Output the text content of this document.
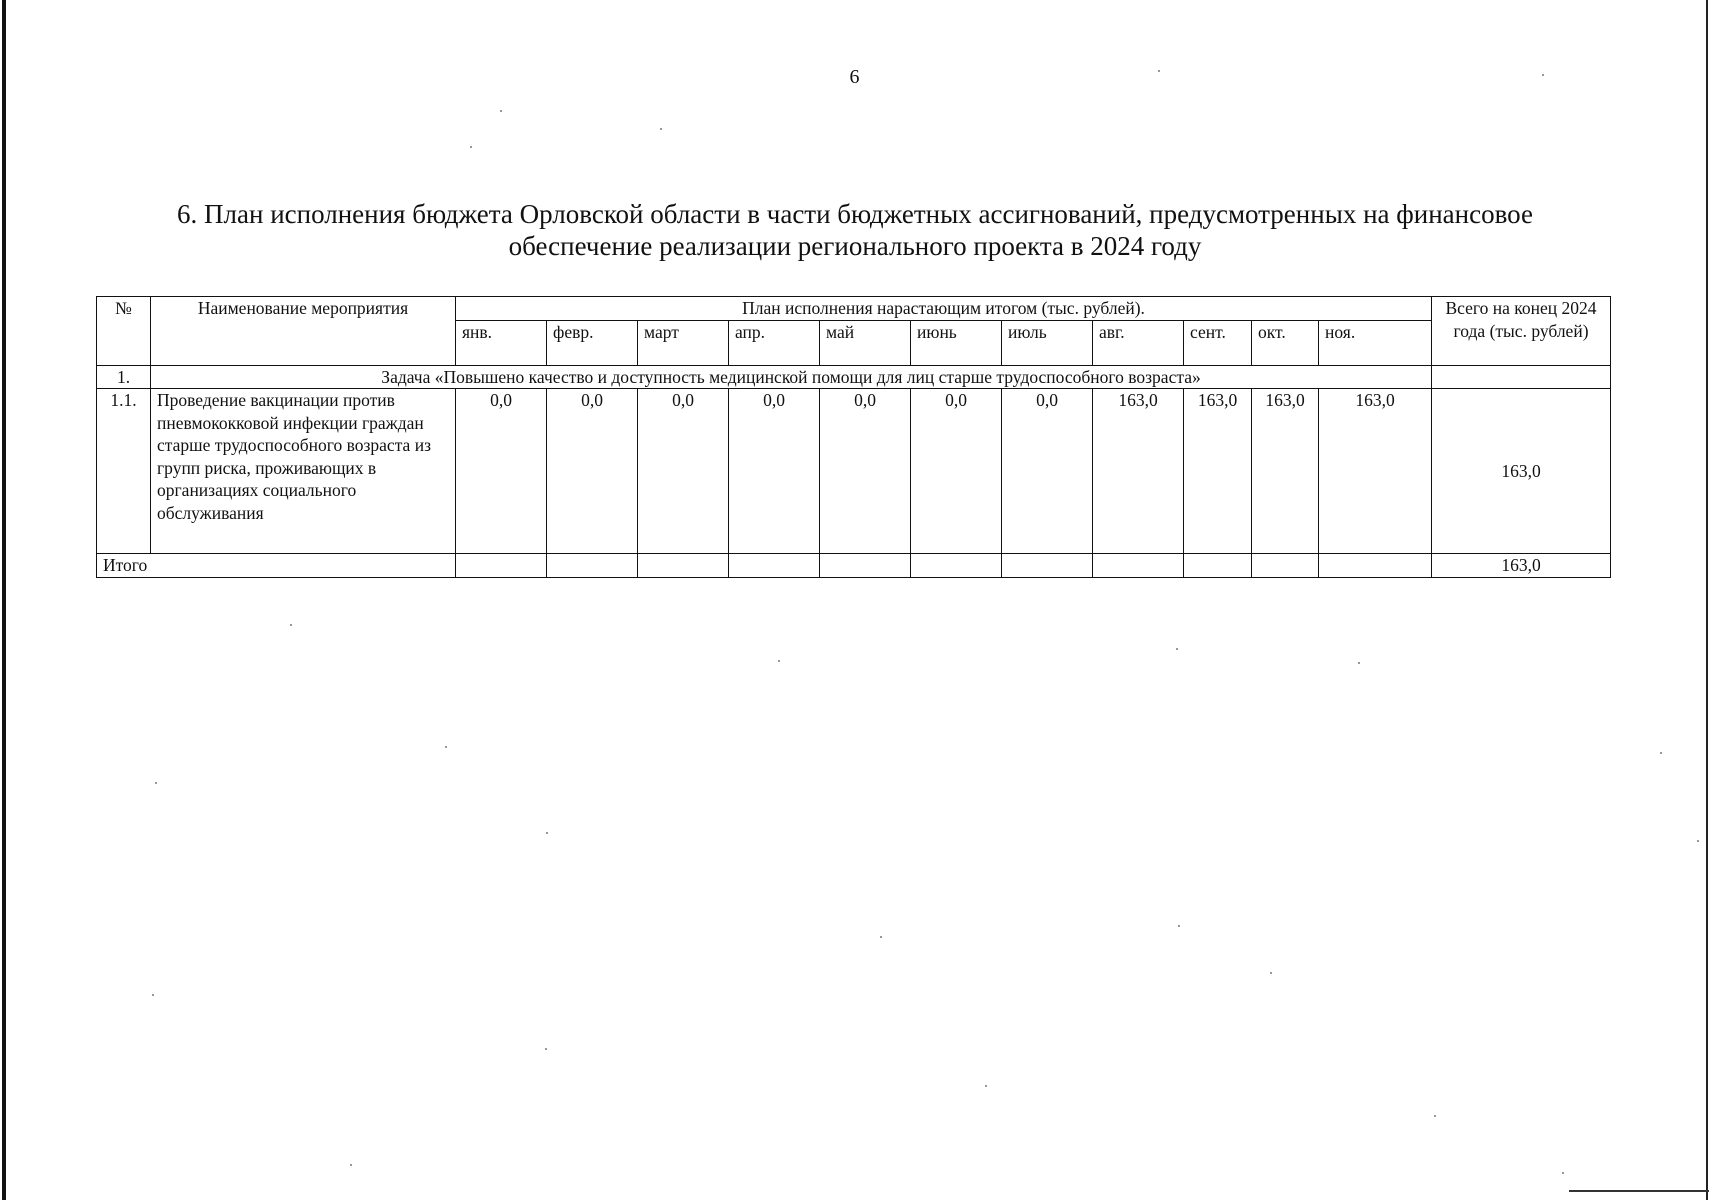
6
6. План исполнения бюджета Орловской области в части бюджетных ассигнований, предусмотренных на финансовое
обеспечение реализации регионального проекта в 2024 году
№	Наименование мероприятия	План исполнения нарастающим итогом (тыс. рублей).											Всего на конец 2024 года (тыс. рублей)
		янв.	февр.	март	апр.	май	июнь	июль	авг.	сент.	окт.	ноя.	
1.	Задача «Повышено качество и доступность медицинской помощи для лиц старше трудоспособного возраста»												
1.1.	Проведение вакцинации против пневмококковой инфекции граждан старше трудоспособного возраста из групп риска, проживающих в организациях социального обслуживания	0,0	0,0	0,0	0,0	0,0	0,0	0,0	163,0	163,0	163,0	163,0	163,0
Итого													163,0
